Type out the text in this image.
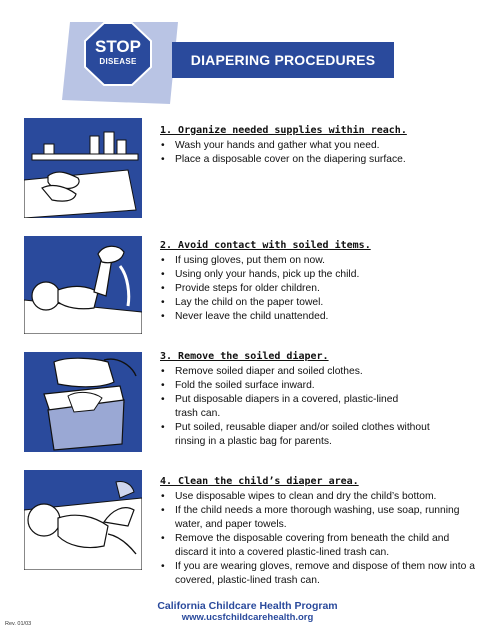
STOP
DISEASE	DIAPERING PROCEDURES
1. Organize needed supplies within reach.
• Wash your hands and gather what you need.
• Place a disposable cover on the diapering surface.
2. Avoid contact with soiled items.
• If using gloves, put them on now.
• Using only your hands, pick up the child.
• Provide steps for older children.
• Lay the child on the paper towel.
• Never leave the child unattended.
3. Remove the soiled diaper.
• Remove soiled diaper and soiled clothes.
• Fold the soiled surface inward.
• Put disposable diapers in a covered, plastic-lined trash can.
• Put soiled, reusable diaper and/or soiled clothes without rinsing in a plastic bag for parents.
4. Clean the child’s diaper area.
• Use disposable wipes to clean and dry the child’s bottom.
• If the child needs a more thorough washing, use soap, running water, and paper towels.
• Remove the disposable covering from beneath the child and discard it into a covered plastic-lined trash can.
• If you are wearing gloves, remove and dispose of them now into a covered, plastic-lined trash can.
California Childcare Health Program
www.ucsfchildcarehealth.org
Rev. 01/03
